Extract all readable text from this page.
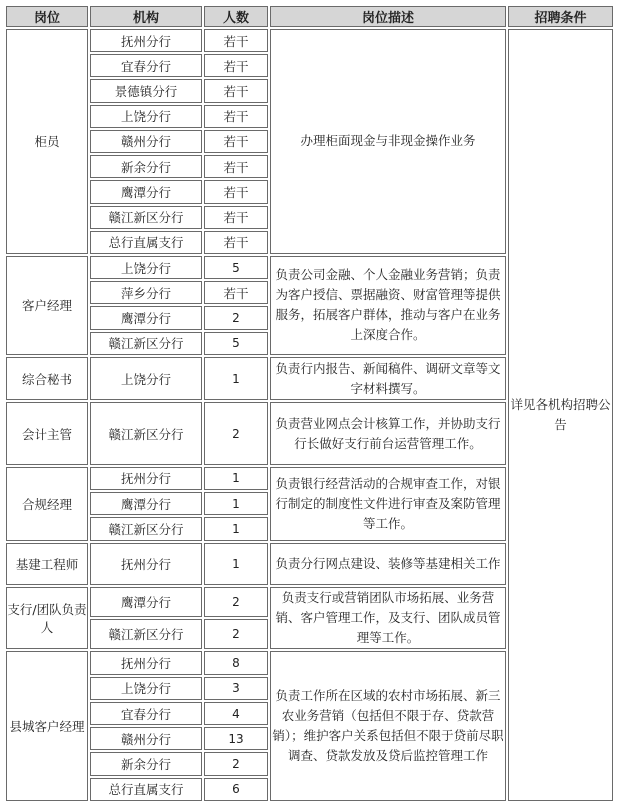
岗位	机构	人数	岗位描述	招聘条件
柜员	抚州分行	若干	办理柜面现金与非现金操作业务	详见各机构招聘公告
	宜春分行	若干		
	景德镇分行	若干		
	上饶分行	若干		
	赣州分行	若干		
	新余分行	若干		
	鹰潭分行	若干		
	赣江新区分行	若干		
	总行直属支行	若干		
客户经理	上饶分行	5	负责公司金融、个人金融业务营销；负责为客户授信、票据融资、财富管理等提供服务，拓展客户群体，推动与客户在业务上深度合作。	
	萍乡分行	若干		
	鹰潭分行	2		
	赣江新区分行	5		
综合秘书	上饶分行	1	负责行内报告、新闻稿件、调研文章等文字材料撰写。	
会计主管	赣江新区分行	2	负责营业网点会计核算工作，并协助支行行长做好支行前台运营管理工作。	
合规经理	抚州分行	1	负责银行经营活动的合规审查工作，对银行制定的制度性文件进行审查及案防管理等工作。	
	鹰潭分行	1		
	赣江新区分行	1		
基建工程师	抚州分行	1	负责分行网点建设、装修等基建相关工作	
支行/团队负责人	鹰潭分行	2	负责支行或营销团队市场拓展、业务营销、客户管理工作，及支行、团队成员管理等工作。	
	赣江新区分行	2		
县城客户经理	抚州分行	8	负责工作所在区域的农村市场拓展、新三农业务营销（包括但不限于存、贷款营销）；维护客户关系包括但不限于贷前尽职调查、贷款发放及贷后监控管理工作	
	上饶分行	3		
	宜春分行	4		
	赣州分行	13		
	新余分行	2		
	总行直属支行	6		
